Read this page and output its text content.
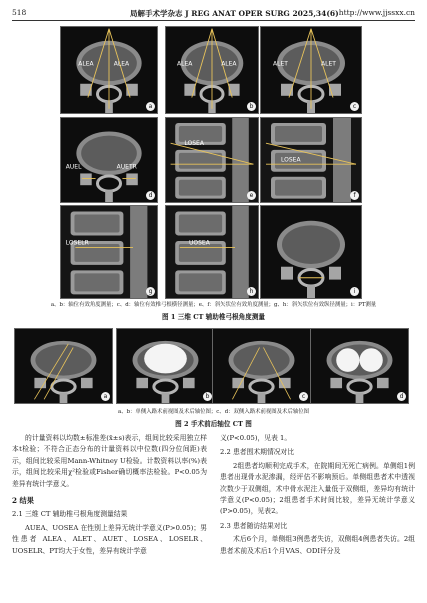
518	局解手术学杂志 J REG ANAT OPER SURG 2025,34(6) http://www.jjssxx.cn
ALEA	ALEA
a
ALEA	ALEA
b
ALET	ALET
c
AUEL	AUETR
d
LOSEA
e
LOSEA
f
LOSELR
g
UOSEA
h	i
a、b：轴位有效角度测量；c、d：轴位有效椎弓根横径测量；e、f：斜矢状位有效角度测量；g、h：斜矢状位有效纵径测量；i：PT测量
图 1 三维 CT 辅助椎弓根角度测量
a	b	c	d
a、b：单侧入路术前视图及术后轴位图；c、d：双侧入路术前视图及术后轴位图
图 2 手术前后轴位 CT 图

的计量资料以均数±标准差(x̄±s)表示，组间比较采用独立样本t检验；不符合正态分布的计量资料以中位数(四分位间距)表示，组间比较采用Mann-Whitney U检验。计数资料以率(%)表示，组间比较采用χ²检验或Fisher确切概率法检验。P<0.05为差异有统计学意义。

2 结果
2.1 三维 CT 辅助椎弓根角度测量结果

AUEA、UOSEA 在性别上差异无统计学意义(P>0.05)；男性患者 ALEA、ALET、AUET、LOSEA、LOSELR、UOSELR、PT均大于女性，差异有统计学意

义(P<0.05)，见表 1。

2.2 患者围术期情况对比

2组患者均顺利完成手术，在院期间无死亡病例。单侧组1例患者出现骨水泥渗漏，经评估不影响预后。单侧组患者术中透视次数少于双侧组，术中骨水泥注入量低于双侧组，差异均有统计学意义(P<0.05)；2组患者手术时间比较，差异无统计学意义(P>0.05)，见表2。

2.3 患者随访结果对比

术后6个月，单侧组3例患者失访，双侧组4例患者失访。2组患者术前及术后1个月VAS、ODI评分及
